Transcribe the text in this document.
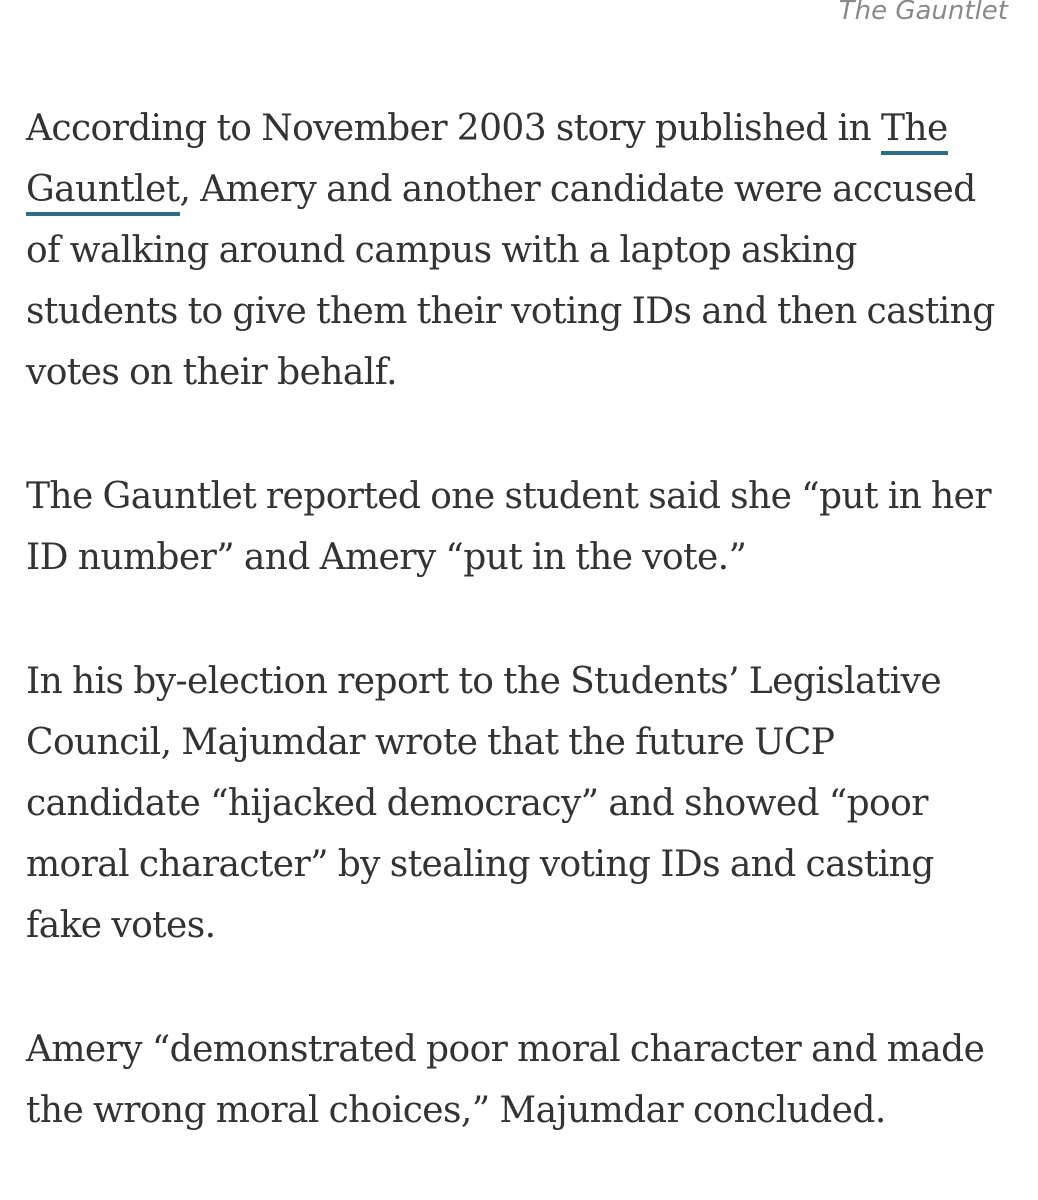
The Gauntlet

According to November 2003 story published in The Gauntlet, Amery and another candidate were accused of walking around campus with a laptop asking students to give them their voting IDs and then casting votes on their behalf.

The Gauntlet reported one student said she “put in her ID number” and Amery “put in the vote.”

In his by-election report to the Students’ Legislative Council, Majumdar wrote that the future UCP candidate “hijacked democracy” and showed “poor moral character” by stealing voting IDs and casting fake votes.

Amery “demonstrated poor moral character and made the wrong moral choices,” Majumdar concluded.
